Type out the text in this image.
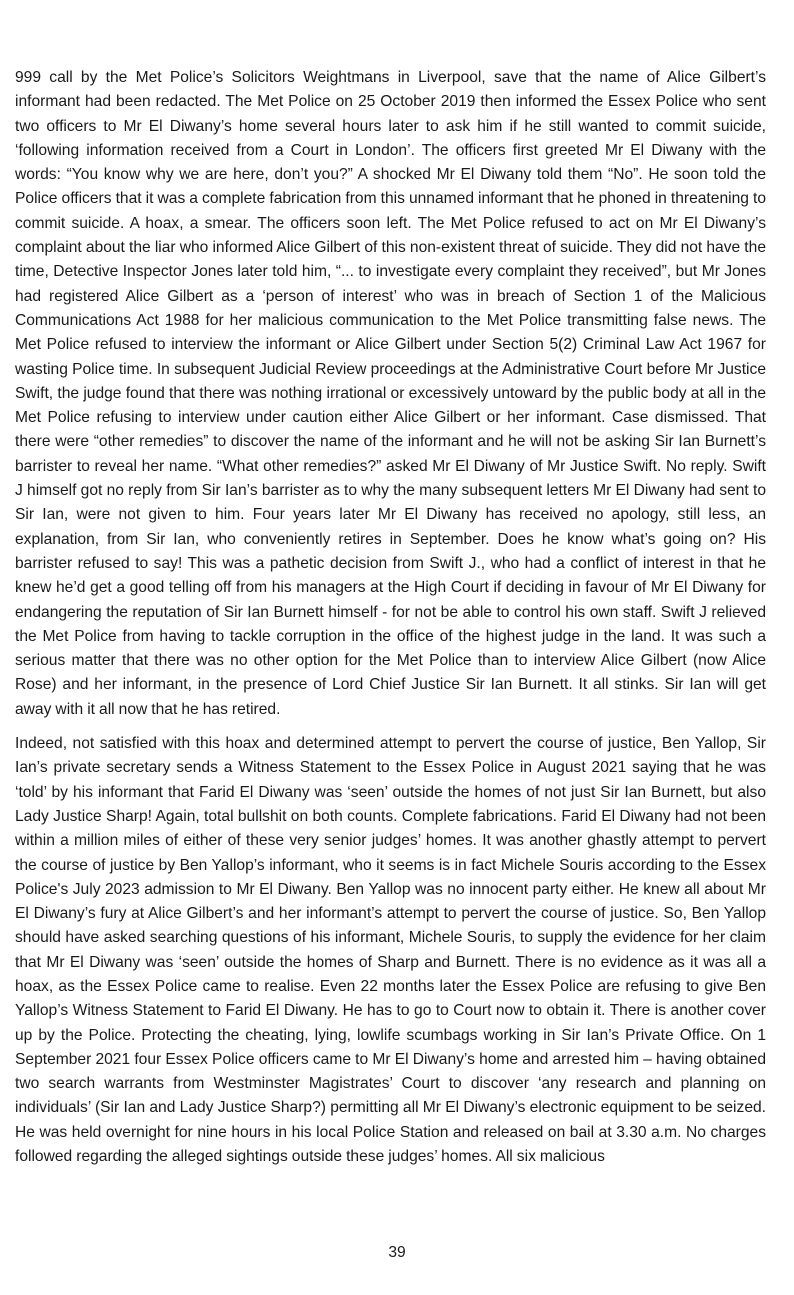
999 call by the Met Police’s Solicitors Weightmans in Liverpool, save that the name of Alice Gilbert’s informant had been redacted. The Met Police on 25 October 2019 then informed the Essex Police who sent two officers to Mr El Diwany’s home several hours later to ask him if he still wanted to commit suicide, ‘following information received from a Court in London’. The officers first greeted Mr El Diwany with the words: “You know why we are here, don’t you?” A shocked Mr El Diwany told them “No”. He soon told the Police officers that it was a complete fabrication from this unnamed informant that he phoned in threatening to commit suicide. A hoax, a smear. The officers soon left. The Met Police refused to act on Mr El Diwany’s complaint about the liar who informed Alice Gilbert of this non-existent threat of suicide. They did not have the time, Detective Inspector Jones later told him, “... to investigate every complaint they received”, but Mr Jones had registered Alice Gilbert as a ‘person of interest’ who was in breach of Section 1 of the Malicious Communications Act 1988 for her malicious communication to the Met Police transmitting false news. The Met Police refused to interview the informant or Alice Gilbert under Section 5(2) Criminal Law Act 1967 for wasting Police time. In subsequent Judicial Review proceedings at the Administrative Court before Mr Justice Swift, the judge found that there was nothing irrational or excessively untoward by the public body at all in the Met Police refusing to interview under caution either Alice Gilbert or her informant. Case dismissed. That there were “other remedies” to discover the name of the informant and he will not be asking Sir Ian Burnett’s barrister to reveal her name. “What other remedies?” asked Mr El Diwany of Mr Justice Swift. No reply. Swift J himself got no reply from Sir Ian’s barrister as to why the many subsequent letters Mr El Diwany had sent to Sir Ian, were not given to him. Four years later Mr El Diwany has received no apology, still less, an explanation, from Sir Ian, who conveniently retires in September. Does he know what’s going on? His barrister refused to say! This was a pathetic decision from Swift J., who had a conflict of interest in that he knew he’d get a good telling off from his managers at the High Court if deciding in favour of Mr El Diwany for endangering the reputation of Sir Ian Burnett himself - for not be able to control his own staff. Swift J relieved the Met Police from having to tackle corruption in the office of the highest judge in the land. It was such a serious matter that there was no other option for the Met Police than to interview Alice Gilbert (now Alice Rose) and her informant, in the presence of Lord Chief Justice Sir Ian Burnett. It all stinks. Sir Ian will get away with it all now that he has retired.

Indeed, not satisfied with this hoax and determined attempt to pervert the course of justice, Ben Yallop, Sir Ian’s private secretary sends a Witness Statement to the Essex Police in August 2021 saying that he was ‘told’ by his informant that Farid El Diwany was ‘seen’ outside the homes of not just Sir Ian Burnett, but also Lady Justice Sharp! Again, total bullshit on both counts. Complete fabrications. Farid El Diwany had not been within a million miles of either of these very senior judges’ homes. It was another ghastly attempt to pervert the course of justice by Ben Yallop’s informant, who it seems is in fact Michele Souris according to the Essex Police's July 2023 admission to Mr El Diwany. Ben Yallop was no innocent party either. He knew all about Mr El Diwany’s fury at Alice Gilbert’s and her informant’s attempt to pervert the course of justice. So, Ben Yallop should have asked searching questions of his informant, Michele Souris, to supply the evidence for her claim that Mr El Diwany was ‘seen’ outside the homes of Sharp and Burnett. There is no evidence as it was all a hoax, as the Essex Police came to realise. Even 22 months later the Essex Police are refusing to give Ben Yallop’s Witness Statement to Farid El Diwany. He has to go to Court now to obtain it. There is another cover up by the Police. Protecting the cheating, lying, lowlife scumbags working in Sir Ian’s Private Office. On 1 September 2021 four Essex Police officers came to Mr El Diwany’s home and arrested him – having obtained two search warrants from Westminster Magistrates’ Court to discover ‘any research and planning on individuals’ (Sir Ian and Lady Justice Sharp?) permitting all Mr El Diwany’s electronic equipment to be seized. He was held overnight for nine hours in his local Police Station and released on bail at 3.30 a.m. No charges followed regarding the alleged sightings outside these judges’ homes. All six malicious

39
